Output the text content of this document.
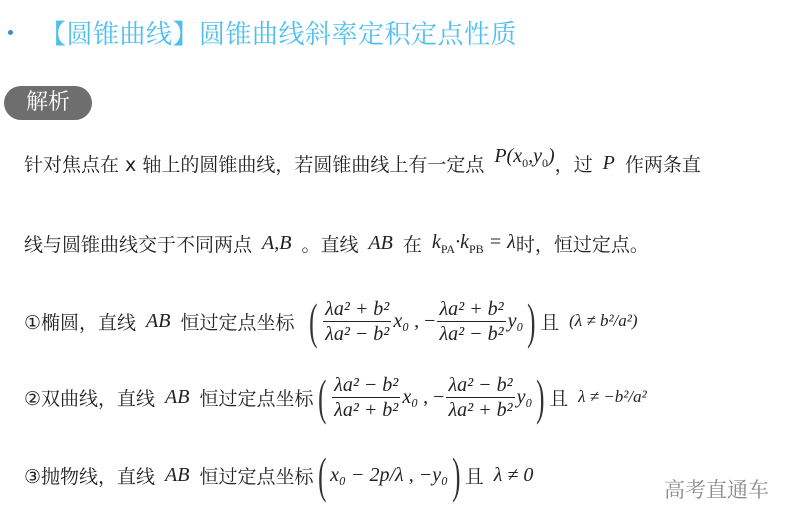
【圆锥曲线】圆锥曲线斜率定积定点性质
解析
针对焦点在 x 轴上的圆锥曲线，若圆锥曲线上有一定点 $P(x_0,y_0)$ ，过 P 作两条直
线与圆锥曲线交于不同两点 A,B 。直线 AB 在 $k_{PA}\cdot k_{PB} = \lambda$ 时，恒过定点。
①椭圆，直线 AB 恒过定点坐标 ( $\frac{\text{λa² + b²}}{\text{λa² − b²}} x_0$ , − $\frac{\text{λa² + b²}}{\text{λa² − b²}} y_0$ ) 且 (λ ≠ b²/a²)
②双曲线，直线 AB 恒过定点坐标 ( $\frac{\text{λa² − b²}}{\text{λa² + b²}} x_0$ , − $\frac{\text{λa² − b²}}{\text{λa² + b²}} y_0$ ) 且 λ ≠ −b²/a²
③抛物线，直线 AB 恒过定点坐标 ( x₀ − 2p/λ , −y₀ ) 且 λ ≠ 0
高考直通车
